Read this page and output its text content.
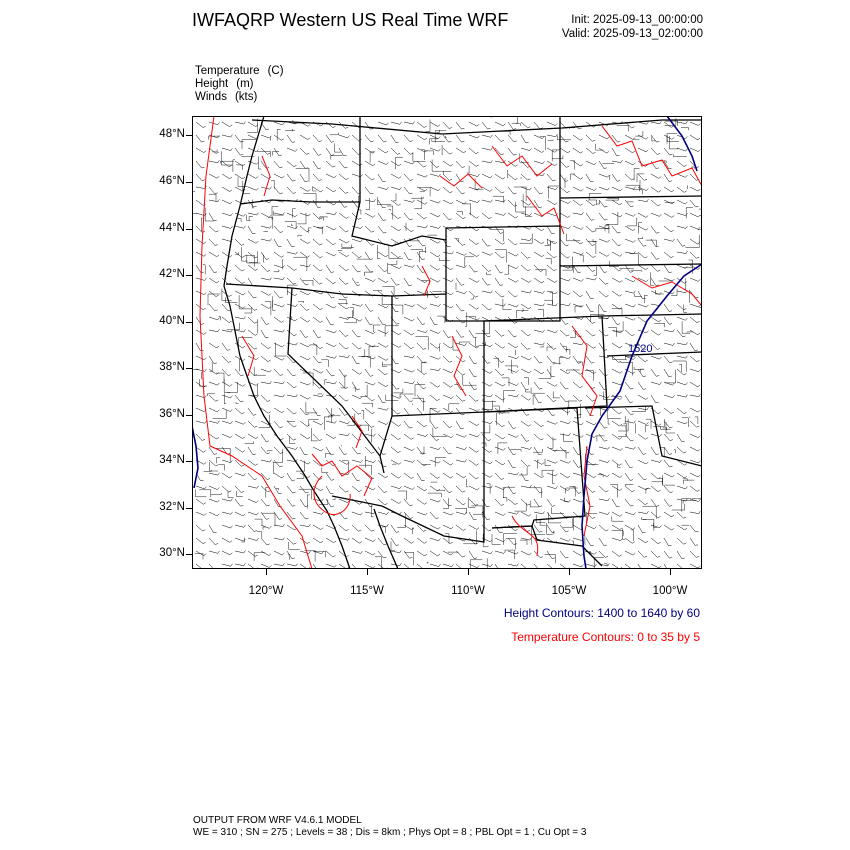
IWFAQRP Western US Real Time WRF	Init: 2025-09-13_00:00:00
Valid: 2025-09-13_02:00:00
Temperature (C)
Height (m)
Winds (kts)
1520
48°N
46°N
44°N
42°N
40°N
38°N
36°N
34°N
32°N
30°N
120°W	115°W	110°W	105°W	100°W
Height Contours: 1400 to 1640 by 60
Temperature Contours: 0 to 35 by 5
OUTPUT FROM WRF V4.6.1 MODEL
WE = 310 ; SN = 275 ; Levels = 38 ; Dis = 8km ; Phys Opt = 8 ; PBL Opt = 1 ; Cu Opt = 3
